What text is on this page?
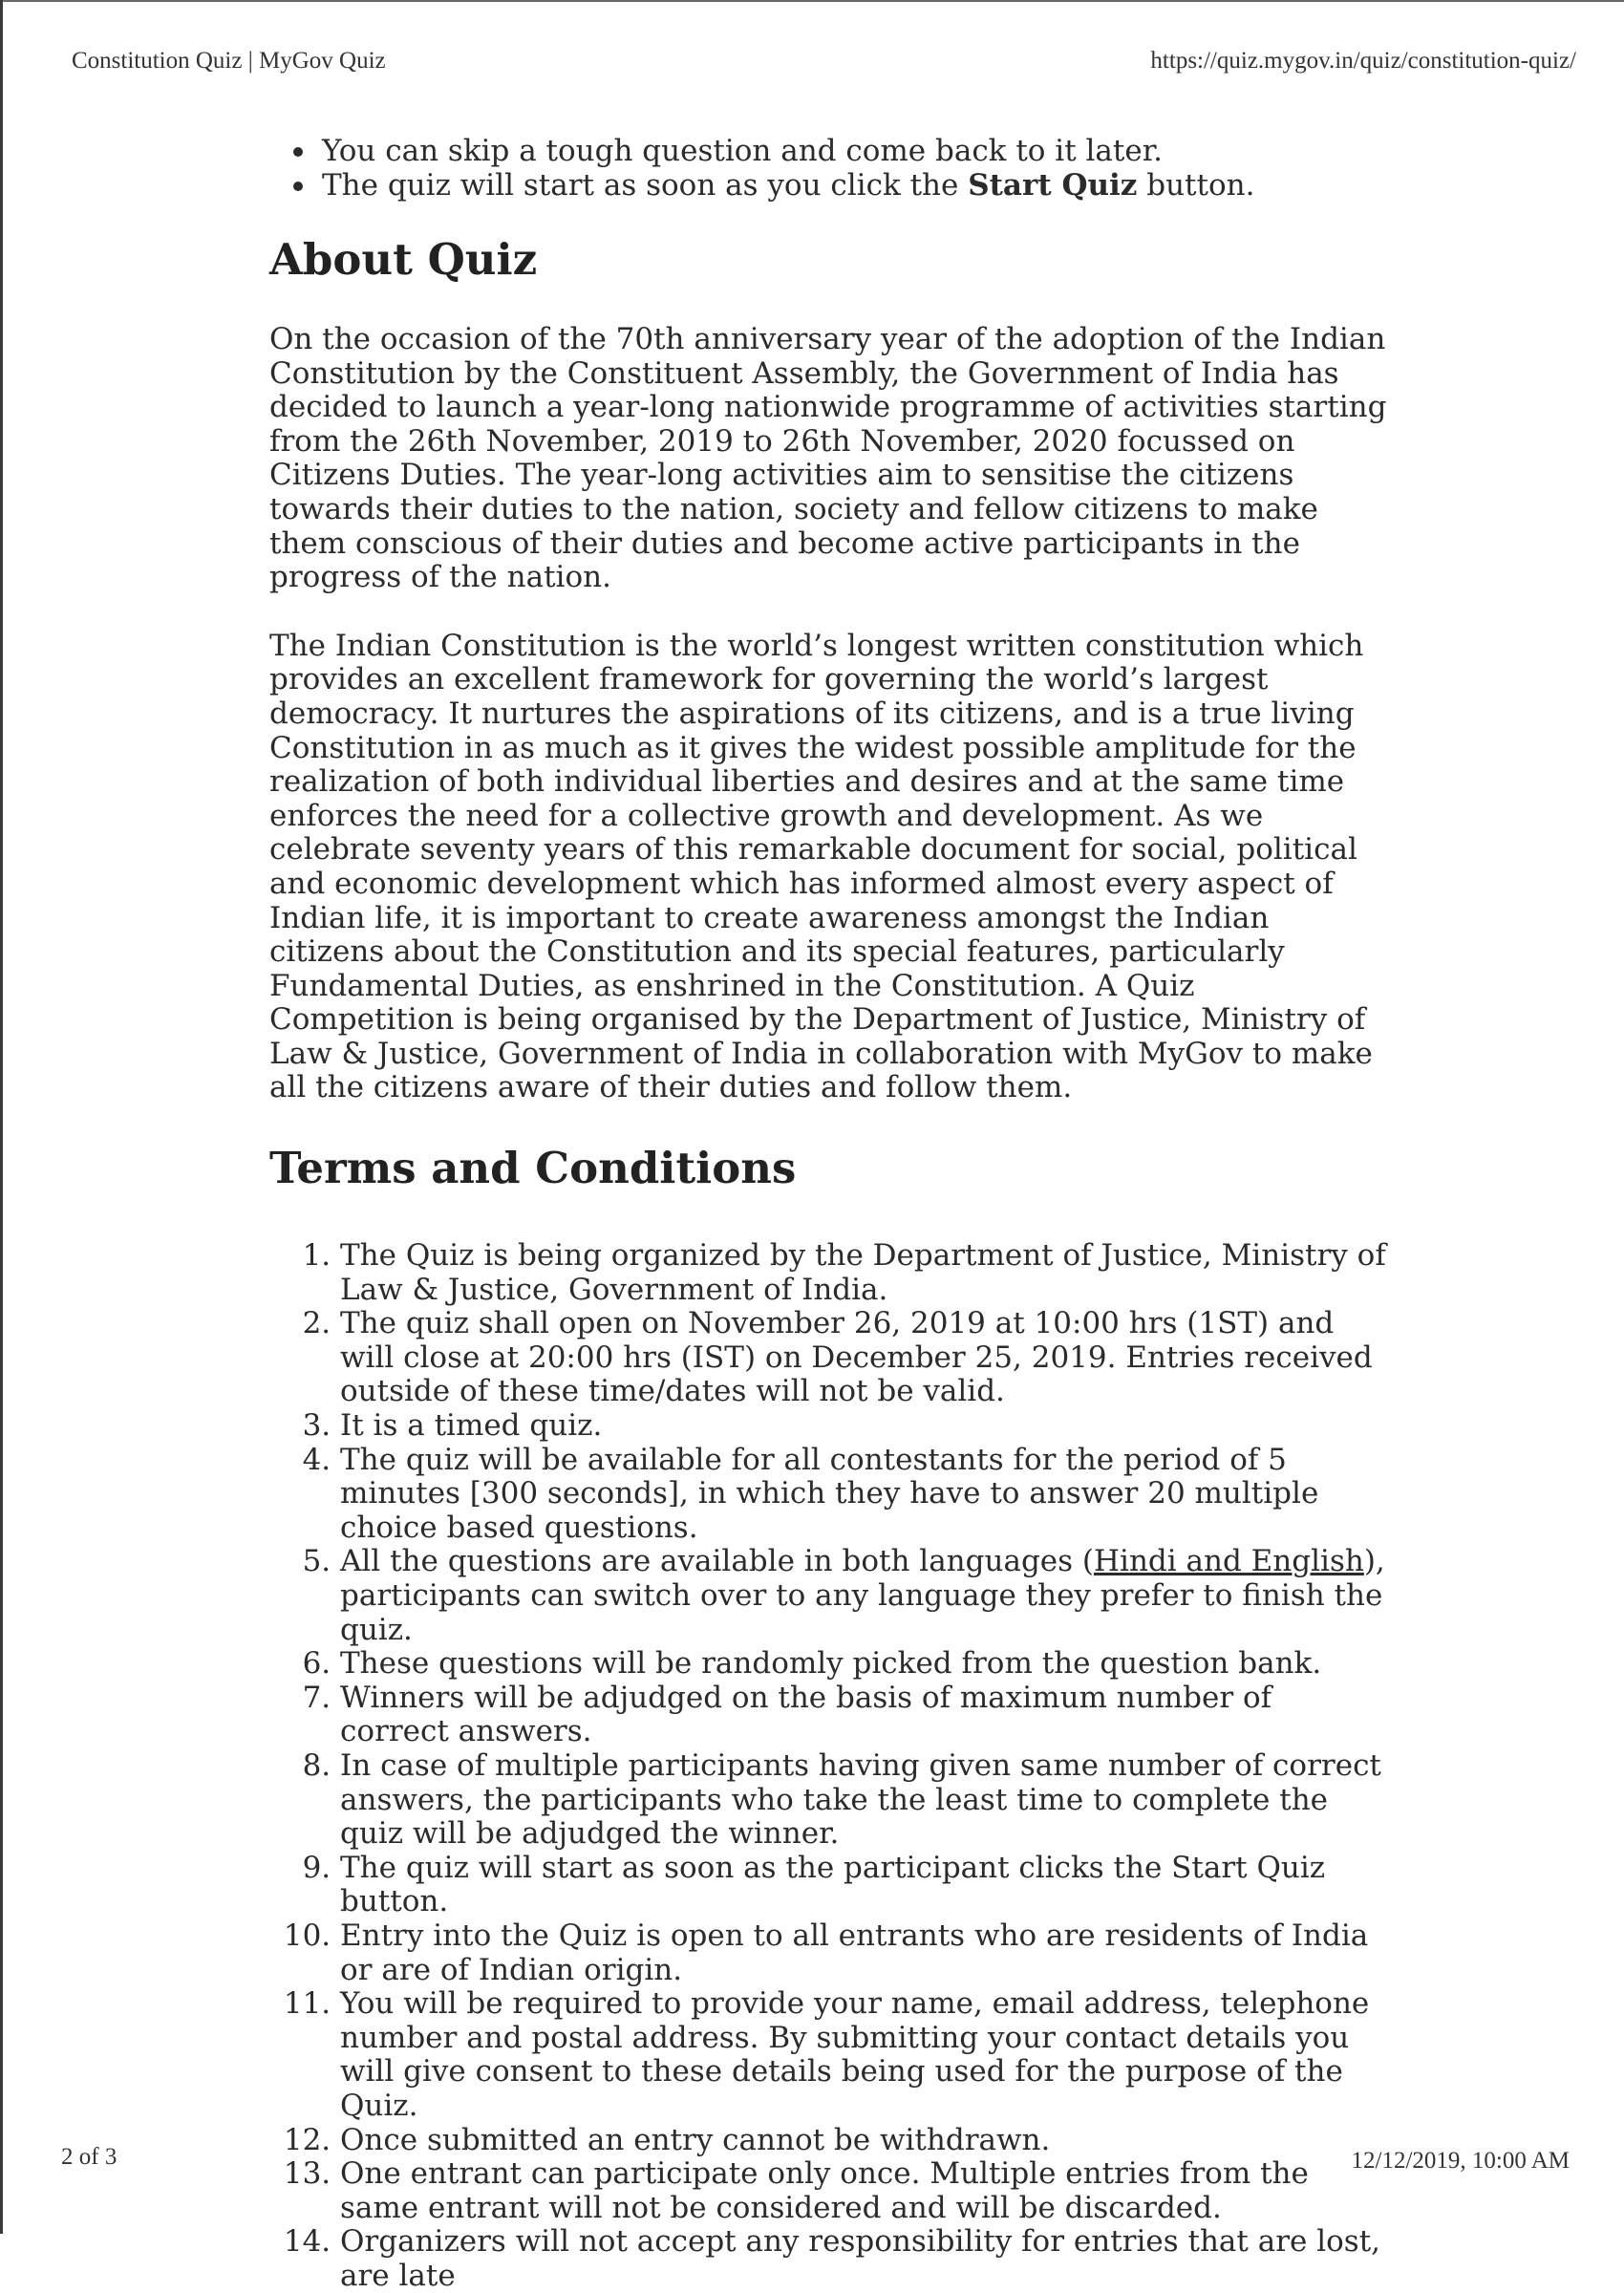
Constitution Quiz | MyGov Quiz	https://quiz.mygov.in/quiz/constitution-quiz/
You can skip a tough question and come back to it later.
The quiz will start as soon as you click the Start Quiz button.
About Quiz

On the occasion of the 70th anniversary year of the adoption of the Indian Constitution by the Constituent Assembly, the Government of India has decided to launch a year-long nationwide programme of activities starting from the 26th November, 2019 to 26th November, 2020 focussed on Citizens Duties. The year-long activities aim to sensitise the citizens towards their duties to the nation, society and fellow citizens to make them conscious of their duties and become active participants in the progress of the nation.

The Indian Constitution is the world’s longest written constitution which provides an excellent framework for governing the world’s largest democracy. It nurtures the aspirations of its citizens, and is a true living Constitution in as much as it gives the widest possible amplitude for the realization of both individual liberties and desires and at the same time enforces the need for a collective growth and development. As we celebrate seventy years of this remarkable document for social, political and economic development which has informed almost every aspect of Indian life, it is important to create awareness amongst the Indian citizens about the Constitution and its special features, particularly Fundamental Duties, as enshrined in the Constitution. A Quiz Competition is being organised by the Department of Justice, Ministry of Law & Justice, Government of India in collaboration with MyGov to make all the citizens aware of their duties and follow them.

Terms and Conditions
1. The Quiz is being organized by the Department of Justice, Ministry of Law & Justice, Government of India.
2. The quiz shall open on November 26, 2019 at 10:00 hrs (1ST) and will close at 20:00 hrs (IST) on December 25, 2019. Entries received outside of these time/dates will not be valid.
3. It is a timed quiz.
4. The quiz will be available for all contestants for the period of 5 minutes [300 seconds], in which they have to answer 20 multiple choice based questions.
5. All the questions are available in both languages (Hindi and English), participants can switch over to any language they prefer to finish the quiz.
6. These questions will be randomly picked from the question bank.
7. Winners will be adjudged on the basis of maximum number of correct answers.
8. In case of multiple participants having given same number of correct answers, the participants who take the least time to complete the quiz will be adjudged the winner.
9. The quiz will start as soon as the participant clicks the Start Quiz button.
10. Entry into the Quiz is open to all entrants who are residents of India or are of Indian origin.
11. You will be required to provide your name, email address, telephone number and postal address. By submitting your contact details you will give consent to these details being used for the purpose of the Quiz.
12. Once submitted an entry cannot be withdrawn.
13. One entrant can participate only once. Multiple entries from the same entrant will not be considered and will be discarded.
14. Organizers will not accept any responsibility for entries that are lost, are late
2 of 3	12/12/2019, 10:00 AM
